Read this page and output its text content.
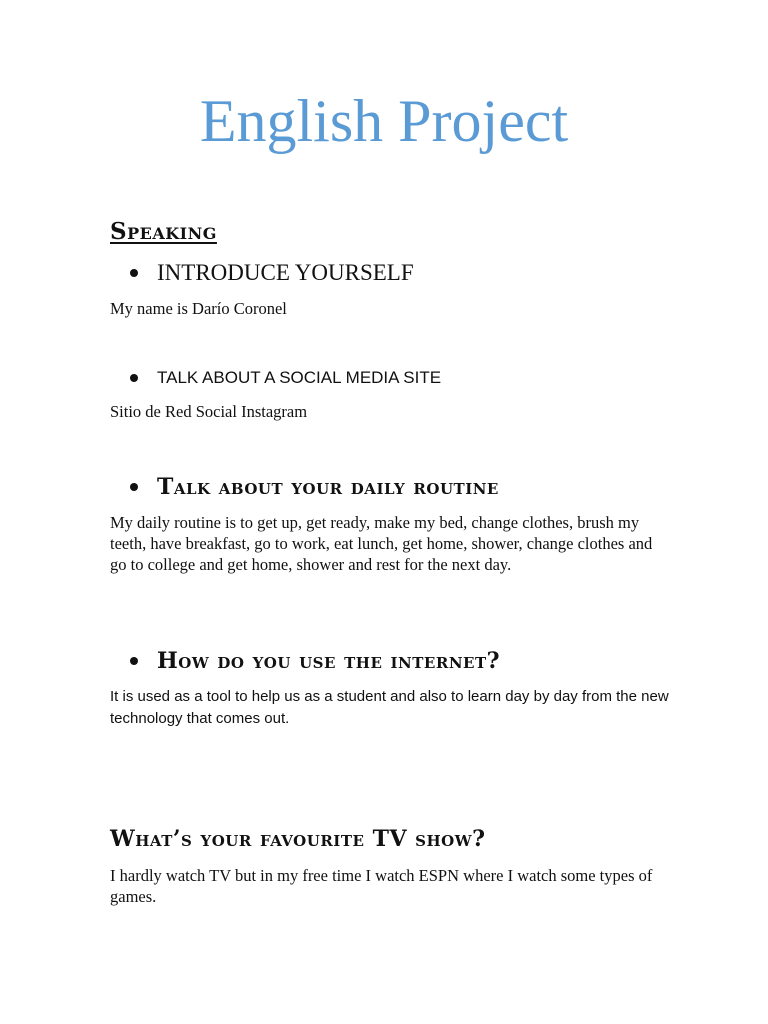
English Project
Speaking
INTRODUCE YOURSELF

My name is Darío Coronel

TALK ABOUT A SOCIAL MEDIA SITE

Sitio de Red Social Instagram

Talk about your daily routine

My daily routine is to get up, get ready, make my bed, change clothes, brush my teeth, have breakfast, go to work, eat lunch, get home, shower, change clothes and go to college and get home, shower and rest for the next day.

How do you use the internet?

It is used as a tool to help us as a student and also to learn day by day from the new technology that comes out.

What’s your favourite TV show?

I hardly watch TV but in my free time I watch ESPN where I watch some types of games.
